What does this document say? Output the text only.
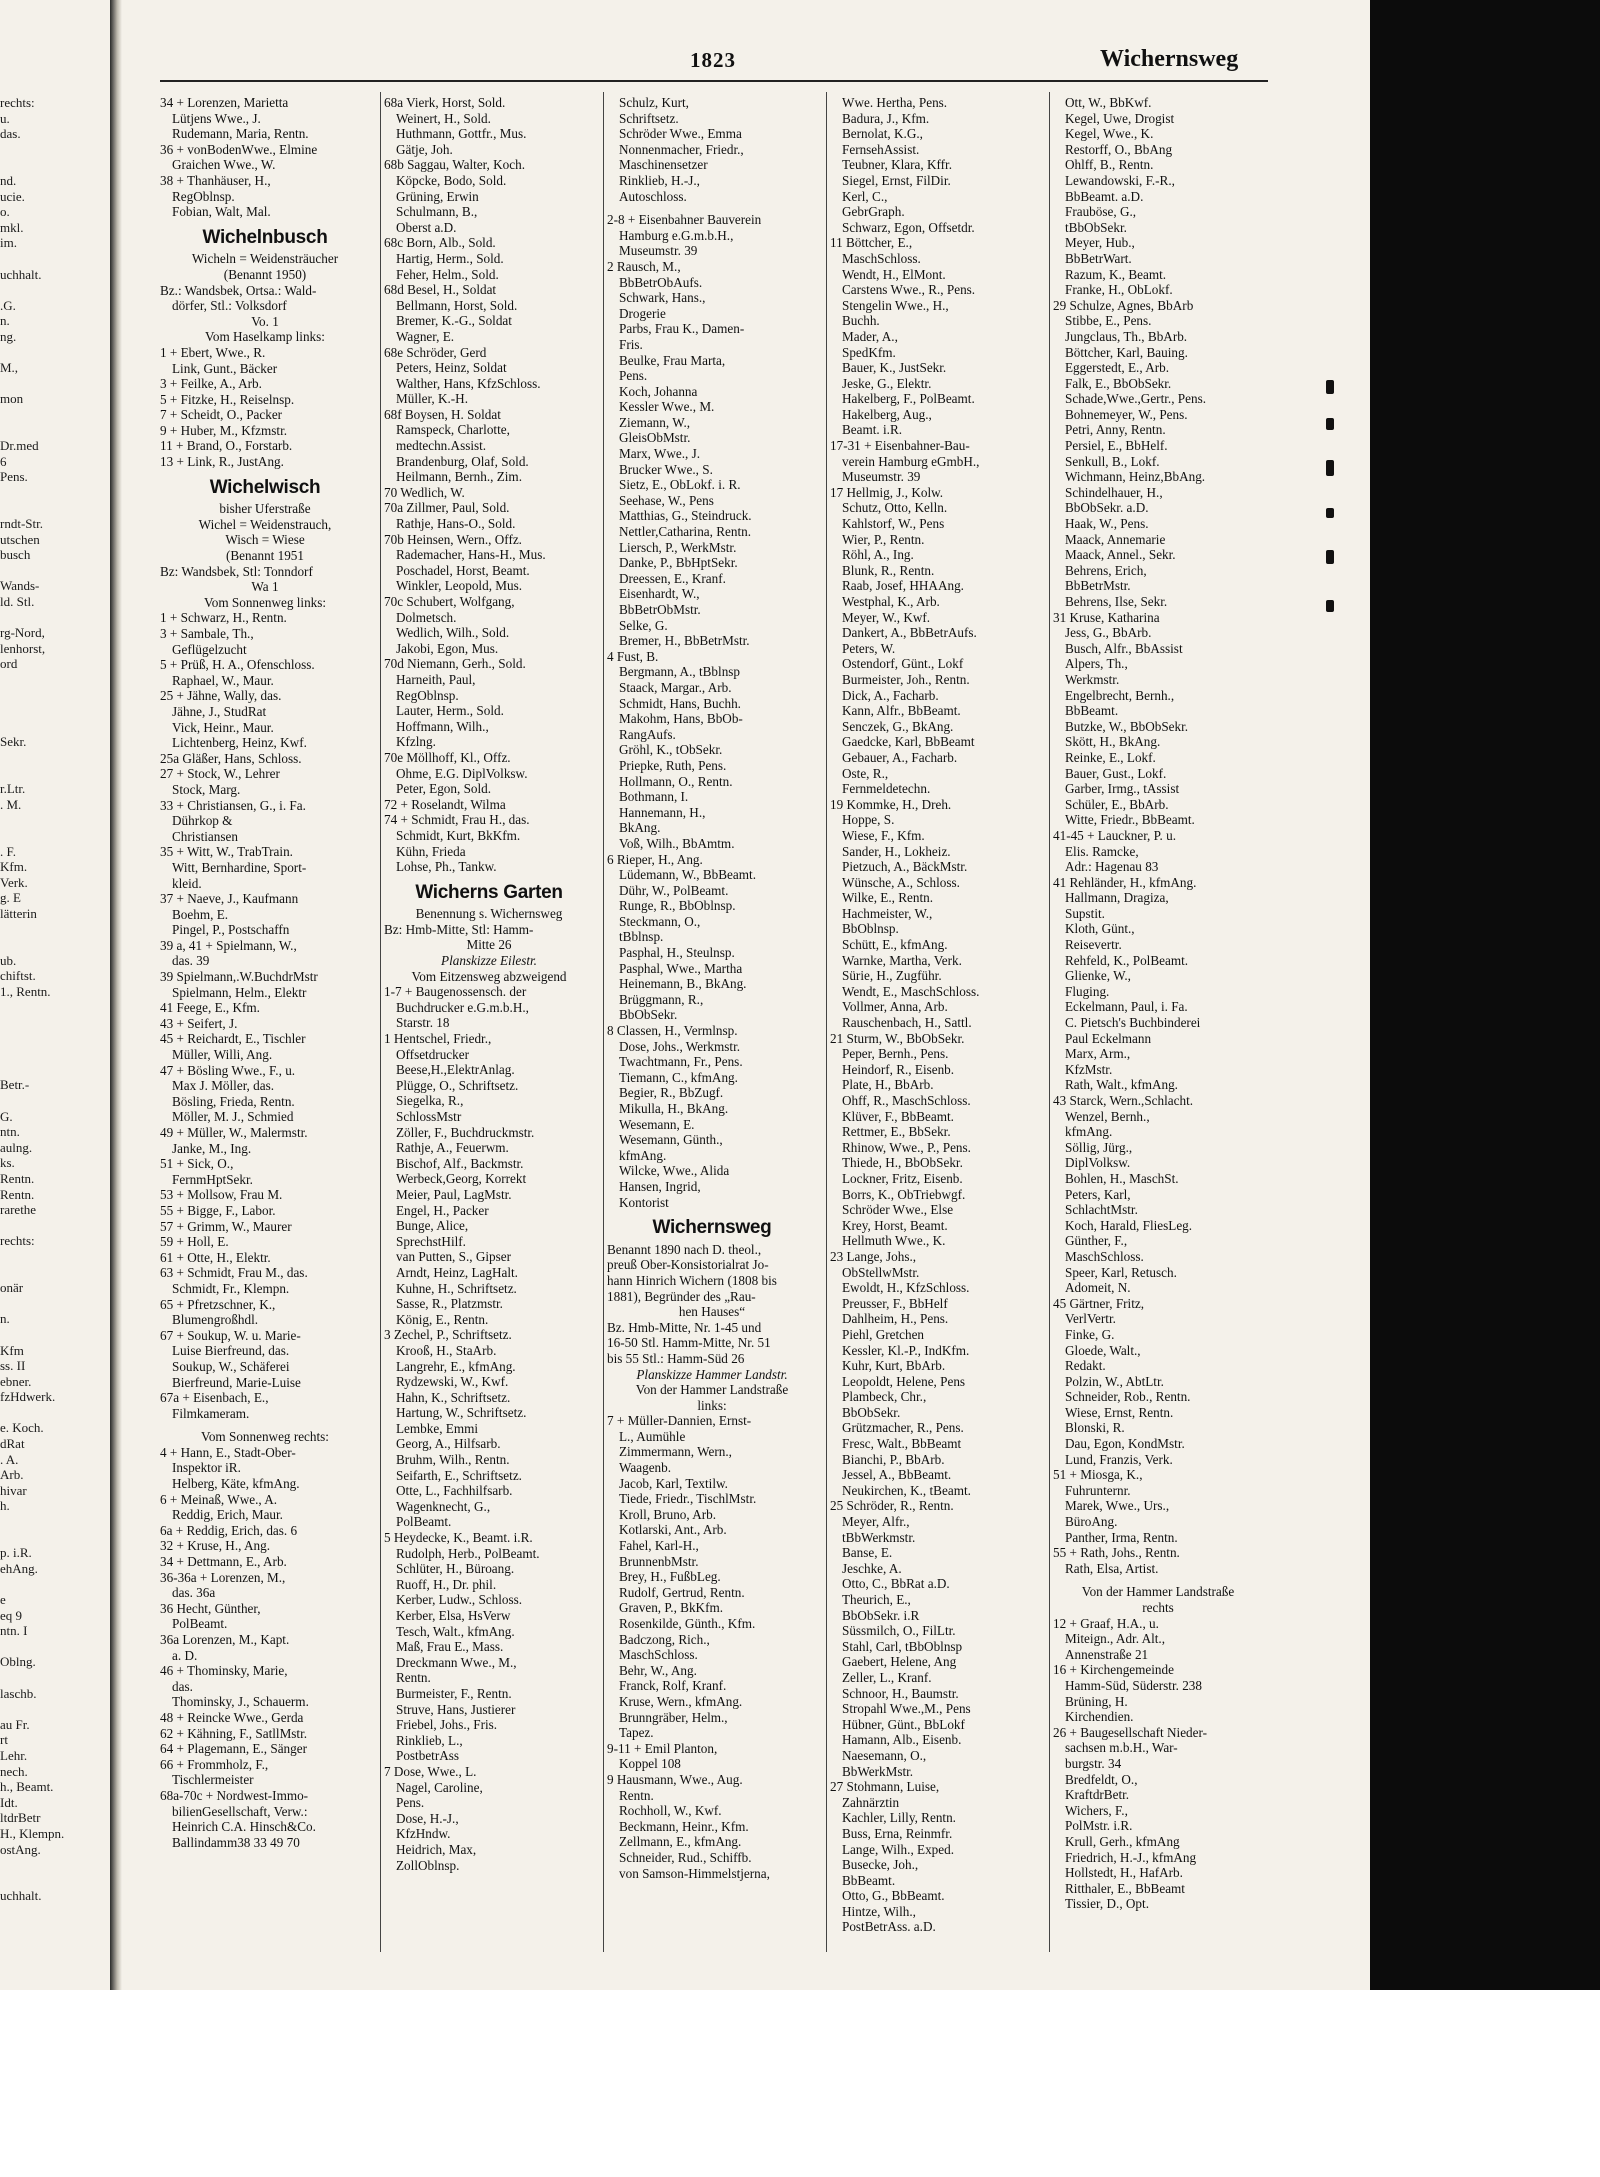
rechts:
u.
das.

nd.
ucie.
o.
mkl.
im.

uchhalt.

.G.
n.
ng.

M.,

mon

Dr.med
6
Pens.

rndt-Str.
utschen
busch

Wands-
ld. Stl.

rg-Nord,
lenhorst,
ord

Sekr.

r.Ltr.
. M.

. F.
Kfm.
Verk.
g. E
lätterin

ub.
chiftst.
1., Rentn.

Betr.-

G.
ntn.
aulng.
ks.
Rentn.
Rentn.
rarethe

rechts:

onär

n.

Kfm
ss. II
ebner.
fzHdwerk.

e. Koch.
dRat
. A.
Arb.
hivar
h.

p. i.R.
ehAng.

e
eq 9
ntn. I

Oblng.

laschb.

au Fr.
rt
Lehr.
nech.
h., Beamt.
Idt.
ltdrBetr
H., Klempn.
ostAng.

uchhalt.
1823	Wichernsweg
34 + Lorenzen, Marietta
Lütjens Wwe., J.
Rudemann, Maria, Rentn.
36 + vonBodenWwe., Elmine
Graichen Wwe., W.
38 + Thanhäuser, H.,
RegOblnsp.
Fobian, Walt, Mal.
Wichelnbusch
Wicheln = Weidensträucher
(Benannt 1950)
Bz.: Wandsbek, Ortsa.: Wald-
dörfer, Stl.: Volksdorf
Vo. 1
Vom Haselkamp links:
1 + Ebert, Wwe., R.
Link, Gunt., Bäcker
3 + Feilke, A., Arb.
5 + Fitzke, H., Reiselnsp.
7 + Scheidt, O., Packer
9 + Huber, M., Kfzmstr.
11 + Brand, O., Forstarb.
13 + Link, R., JustAng.
Wichelwisch
bisher Uferstraße
Wichel = Weidenstrauch,
Wisch = Wiese
(Benannt 1951
Bz: Wandsbek, Stl: Tonndorf
Wa 1
Vom Sonnenweg links:
1 + Schwarz, H., Rentn.
3 + Sambale, Th.,
Geflügelzucht
5 + Prüß, H. A., Ofenschloss.
Raphael, W., Maur.
25 + Jähne, Wally, das.
Jähne, J., StudRat
Vick, Heinr., Maur.
Lichtenberg, Heinz, Kwf.
25a Gläßer, Hans, Schloss.
27 + Stock, W., Lehrer
Stock, Marg.
33 + Christiansen, G., i. Fa.
Dührkop &
Christiansen
35 + Witt, W., TrabTrain.
Witt, Bernhardine, Sport-
kleid.
37 + Naeve, J., Kaufmann
Boehm, E.
Pingel, P., Postschaffn
39 a, 41 + Spielmann, W.,
das. 39
39 Spielmann,.W.BuchdrMstr
Spielmann, Helm., Elektr
41 Feege, E., Kfm.
43 + Seifert, J.
45 + Reichardt, E., Tischler
Müller, Willi, Ang.
47 + Bösling Wwe., F., u.
Max J. Möller, das.
Bösling, Frieda, Rentn.
Möller, M. J., Schmied
49 + Müller, W., Malermstr.
Janke, M., Ing.
51 + Sick, O.,
FernmHptSekr.
53 + Mollsow, Frau M.
55 + Bigge, F., Labor.
57 + Grimm, W., Maurer
59 + Holl, E.
61 + Otte, H., Elektr.
63 + Schmidt, Frau M., das.
Schmidt, Fr., Klempn.
65 + Pfretzschner, K.,
Blumengroßhdl.
67 + Soukup, W. u. Marie-
Luise Bierfreund, das.
Soukup, W., Schäferei
Bierfreund, Marie-Luise
67a + Eisenbach, E.,
Filmkameram.
Vom Sonnenweg rechts:
4 + Hann, E., Stadt-Ober-
Inspektor iR.
Helberg, Käte, kfmAng.
6 + Meinaß, Wwe., A.
Reddig, Erich, Maur.
6a + Reddig, Erich, das. 6
32 + Kruse, H., Ang.
34 + Dettmann, E., Arb.
36-36a + Lorenzen, M.,
das. 36a
36 Hecht, Günther,
PolBeamt.
36a Lorenzen, M., Kapt.
a. D.
46 + Thominsky, Marie,
das.
Thominsky, J., Schauerm.
48 + Reincke Wwe., Gerda
62 + Kähning, F., SatllMstr.
64 + Plagemann, E., Sänger
66 + Frommholz, F.,
Tischlermeister
68a-70c + Nordwest-Immo-
bilienGesellschaft, Verw.:
Heinrich C.A. Hinsch&Co.
Ballindamm38 33 49 70
68a Vierk, Horst, Sold.
Weinert, H., Sold.
Huthmann, Gottfr., Mus.
Gätje, Joh.
68b Saggau, Walter, Koch.
Köpcke, Bodo, Sold.
Grüning, Erwin
Schulmann, B.,
Oberst a.D.
68c Born, Alb., Sold.
Hartig, Herm., Sold.
Feher, Helm., Sold.
68d Besel, H., Soldat
Bellmann, Horst, Sold.
Bremer, K.-G., Soldat
Wagner, E.
68e Schröder, Gerd
Peters, Heinz, Soldat
Walther, Hans, KfzSchloss.
Müller, K.-H.
68f Boysen, H. Soldat
Ramspeck, Charlotte,
medtechn.Assist.
Brandenburg, Olaf, Sold.
Heilmann, Bernh., Zim.
70 Wedlich, W.
70a Zillmer, Paul, Sold.
Rathje, Hans-O., Sold.
70b Heinsen, Wern., Offz.
Rademacher, Hans-H., Mus.
Poschadel, Horst, Beamt.
Winkler, Leopold, Mus.
70c Schubert, Wolfgang,
Dolmetsch.
Wedlich, Wilh., Sold.
Jakobi, Egon, Mus.
70d Niemann, Gerh., Sold.
Harneith, Paul,
RegOblnsp.
Lauter, Herm., Sold.
Hoffmann, Wilh.,
Kfzlng.
70e Möllhoff, Kl., Offz.
Ohme, E.G. DiplVolksw.
Peter, Egon, Sold.
72 + Roselandt, Wilma
74 + Schmidt, Frau H., das.
Schmidt, Kurt, BkKfm.
Kühn, Frieda
Lohse, Ph., Tankw.
Wicherns Garten
Benennung s. Wichernsweg
Bz: Hmb-Mitte, Stl: Hamm-
Mitte 26
Planskizze Eilestr.
Vom Eitzensweg abzweigend
1-7 + Baugenossensch. der
Buchdrucker e.G.m.b.H.,
Starstr. 18
1 Hentschel, Friedr.,
Offsetdrucker
Beese,H.,ElektrAnlag.
Plügge, O., Schriftsetz.
Siegelka, R.,
SchlossMstr
Zöller, F., Buchdruckmstr.
Rathje, A., Feuerwm.
Bischof, Alf., Backmstr.
Werbeck,Georg, Korrekt
Meier, Paul, LagMstr.
Engel, H., Packer
Bunge, Alice,
SprechstHilf.
van Putten, S., Gipser
Arndt, Heinz, LagHalt.
Kuhne, H., Schriftsetz.
Sasse, R., Platzmstr.
König, E., Rentn.
3 Zechel, P., Schriftsetz.
Krooß, H., StaArb.
Langrehr, E., kfmAng.
Rydzewski, W., Kwf.
Hahn, K., Schriftsetz.
Hartung, W., Schriftsetz.
Lembke, Emmi
Georg, A., Hilfsarb.
Bruhm, Wilh., Rentn.
Seifarth, E., Schriftsetz.
Otte, L., Fachhilfsarb.
Wagenknecht, G.,
PolBeamt.
5 Heydecke, K., Beamt. i.R.
Rudolph, Herb., PolBeamt.
Schlüter, H., Büroang.
Ruoff, H., Dr. phil.
Kerber, Ludw., Schloss.
Kerber, Elsa, HsVerw
Tesch, Walt., kfmAng.
Maß, Frau E., Mass.
Dreckmann Wwe., M.,
Rentn.
Burmeister, F., Rentn.
Struve, Hans, Justierer
Friebel, Johs., Fris.
Rinklieb, L.,
PostbetrAss
7 Dose, Wwe., L.
Nagel, Caroline,
Pens.
Dose, H.-J.,
KfzHndw.
Heidrich, Max,
ZollOblnsp.
Schulz, Kurt,
Schriftsetz.
Schröder Wwe., Emma
Nonnenmacher, Friedr.,
Maschinensetzer
Rinklieb, H.-J.,
Autoschloss.
2-8 + Eisenbahner Bauverein
Hamburg e.G.m.b.H.,
Museumstr. 39
2 Rausch, M.,
BbBetrObAufs.
Schwark, Hans.,
Drogerie
Parbs, Frau K., Damen-
Fris.
Beulke, Frau Marta,
Pens.
Koch, Johanna
Kessler Wwe., M.
Ziemann, W.,
GleisObMstr.
Marx, Wwe., J.
Brucker Wwe., S.
Sietz, E., ObLokf. i. R.
Seehase, W., Pens
Matthias, G., Steindruck.
Nettler,Catharina, Rentn.
Liersch, P., WerkMstr.
Danke, P., BbHptSekr.
Dreessen, E., Kranf.
Eisenhardt, W.,
BbBetrObMstr.
Selke, G.
Bremer, H., BbBetrMstr.
4 Fust, B.
Bergmann, A., tBblnsp
Staack, Margar., Arb.
Schmidt, Hans, Buchh.
Makohm, Hans, BbOb-
RangAufs.
Gröhl, K., tObSekr.
Priepke, Ruth, Pens.
Hollmann, O., Rentn.
Bothmann, I.
Hannemann, H.,
BkAng.
Voß, Wilh., BbAmtm.
6 Rieper, H., Ang.
Lüdemann, W., BbBeamt.
Dühr, W., PolBeamt.
Runge, R., BbOblnsp.
Steckmann, O.,
tBblnsp.
Pasphal, H., Steulnsp.
Pasphal, Wwe., Martha
Heinemann, B., BkAng.
Brüggmann, R.,
BbObSekr.
8 Classen, H., Vermlnsp.
Dose, Johs., Werkmstr.
Twachtmann, Fr., Pens.
Tiemann, C., kfmAng.
Begier, R., BbZugf.
Mikulla, H., BkAng.
Wesemann, E.
Wesemann, Günth.,
kfmAng.
Wilcke, Wwe., Alida
Hansen, Ingrid,
Kontorist
Wichernsweg
Benannt 1890 nach D. theol.,
preuß Ober-Konsistorialrat Jo-
hann Hinrich Wichern (1808 bis
1881), Begründer des „Rau-
hen Hauses“
Bz. Hmb-Mitte, Nr. 1-45 und
16-50 Stl. Hamm-Mitte, Nr. 51
bis 55 Stl.: Hamm-Süd 26
Planskizze Hammer Landstr.
Von der Hammer Landstraße
links:
7 + Müller-Dannien, Ernst-
L., Aumühle
Zimmermann, Wern.,
Waagenb.
Jacob, Karl, Textilw.
Tiede, Friedr., TischlMstr.
Kroll, Bruno, Arb.
Kotlarski, Ant., Arb.
Fahel, Karl-H.,
BrunnenbMstr.
Brey, H., FußbLeg.
Rudolf, Gertrud, Rentn.
Graven, P., BkKfm.
Rosenkilde, Günth., Kfm.
Badczong, Rich.,
MaschSchloss.
Behr, W., Ang.
Franck, Rolf, Kranf.
Kruse, Wern., kfmAng.
Brunngräber, Helm.,
Tapez.
9-11 + Emil Planton,
Koppel 108
9 Hausmann, Wwe., Aug.
Rentn.
Rochholl, W., Kwf.
Beckmann, Heinr., Kfm.
Zellmann, E., kfmAng.
Schneider, Rud., Schiffb.
von Samson-Himmelstjerna,
Wwe. Hertha, Pens.
Badura, J., Kfm.
Bernolat, K.G.,
FernsehAssist.
Teubner, Klara, Kffr.
Siegel, Ernst, FilDir.
Kerl, C.,
GebrGraph.
Schwarz, Egon, Offsetdr.
11 Böttcher, E.,
MaschSchloss.
Wendt, H., ElMont.
Carstens Wwe., R., Pens.
Stengelin Wwe., H.,
Buchh.
Mader, A.,
SpedKfm.
Bauer, K., JustSekr.
Jeske, G., Elektr.
Hakelberg, F., PolBeamt.
Hakelberg, Aug.,
Beamt. i.R.
17-31 + Eisenbahner-Bau-
verein Hamburg eGmbH.,
Museumstr. 39
17 Hellmig, J., Kolw.
Schutz, Otto, Kelln.
Kahlstorf, W., Pens
Wier, P., Rentn.
Röhl, A., Ing.
Blunk, R., Rentn.
Raab, Josef, HHAAng.
Westphal, K., Arb.
Meyer, W., Kwf.
Dankert, A., BbBetrAufs.
Peters, W.
Ostendorf, Günt., Lokf
Burmeister, Joh., Rentn.
Dick, A., Facharb.
Kann, Alfr., BbBeamt.
Senczek, G., BkAng.
Gaedcke, Karl, BbBeamt
Gebauer, A., Facharb.
Oste, R.,
Fernmeldetechn.
19 Kommke, H., Dreh.
Hoppe, S.
Wiese, F., Kfm.
Sander, H., Lokheiz.
Pietzuch, A., BäckMstr.
Wünsche, A., Schloss.
Wilke, E., Rentn.
Hachmeister, W.,
BbOblnsp.
Schütt, E., kfmAng.
Warnke, Martha, Verk.
Sürie, H., Zugführ.
Wendt, E., MaschSchloss.
Vollmer, Anna, Arb.
Rauschenbach, H., Sattl.
21 Sturm, W., BbObSekr.
Peper, Bernh., Pens.
Heindorf, R., Eisenb.
Plate, H., BbArb.
Ohff, R., MaschSchloss.
Klüver, F., BbBeamt.
Rettmer, E., BbSekr.
Rhinow, Wwe., P., Pens.
Thiede, H., BbObSekr.
Lockner, Fritz, Eisenb.
Borrs, K., ObTriebwgf.
Schröder Wwe., Else
Krey, Horst, Beamt.
Hellmuth Wwe., K.
23 Lange, Johs.,
ObStellwMstr.
Ewoldt, H., KfzSchloss.
Preusser, F., BbHelf
Dahlheim, H., Pens.
Piehl, Gretchen
Kessler, Kl.-P., IndKfm.
Kuhr, Kurt, BbArb.
Leopoldt, Helene, Pens
Plambeck, Chr.,
BbObSekr.
Grützmacher, R., Pens.
Fresc, Walt., BbBeamt
Bianchi, P., BbArb.
Jessel, A., BbBeamt.
Neukirchen, K., tBeamt.
25 Schröder, R., Rentn.
Meyer, Alfr.,
tBbWerkmstr.
Banse, E.
Jeschke, A.
Otto, C., BbRat a.D.
Theurich, E.,
BbObSekr. i.R
Süssmilch, O., FilLtr.
Stahl, Carl, tBbOblnsp
Gaebert, Helene, Ang
Zeller, L., Kranf.
Schnoor, H., Baumstr.
Stropahl Wwe.,M., Pens
Hübner, Günt., BbLokf
Hamann, Alb., Eisenb.
Naesemann, O.,
BbWerkMstr.
27 Stohmann, Luise,
Zahnärztin
Kachler, Lilly, Rentn.
Buss, Erna, Reinmfr.
Lange, Wilh., Exped.
Busecke, Joh.,
BbBeamt.
Otto, G., BbBeamt.
Hintze, Wilh.,
PostBetrAss. a.D.
Ott, W., BbKwf.
Kegel, Uwe, Drogist
Kegel, Wwe., K.
Restorff, O., BbAng
Ohlff, B., Rentn.
Lewandowski, F.-R.,
BbBeamt. a.D.
Frauböse, G.,
tBbObSekr.
Meyer, Hub.,
BbBetrWart.
Razum, K., Beamt.
Franke, H., ObLokf.
29 Schulze, Agnes, BbArb
Stibbe, E., Pens.
Jungclaus, Th., BbArb.
Böttcher, Karl, Bauing.
Eggerstedt, E., Arb.
Falk, E., BbObSekr.
Schade,Wwe.,Gertr., Pens.
Bohnemeyer, W., Pens.
Petri, Anny, Rentn.
Persiel, E., BbHelf.
Senkull, B., Lokf.
Wichmann, Heinz,BbAng.
Schindelhauer, H.,
BbObSekr. a.D.
Haak, W., Pens.
Maack, Annemarie
Maack, Annel., Sekr.
Behrens, Erich,
BbBetrMstr.
Behrens, Ilse, Sekr.
31 Kruse, Katharina
Jess, G., BbArb.
Busch, Alfr., BbAssist
Alpers, Th.,
Werkmstr.
Engelbrecht, Bernh.,
BbBeamt.
Butzke, W., BbObSekr.
Skött, H., BkAng.
Reinke, E., Lokf.
Bauer, Gust., Lokf.
Garber, Irmg., tAssist
Schüler, E., BbArb.
Witte, Friedr., BbBeamt.
41-45 + Lauckner, P. u.
Elis. Ramcke,
Adr.: Hagenau 83
41 Rehländer, H., kfmAng.
Hallmann, Dragiza,
Supstit.
Kloth, Günt.,
Reisevertr.
Rehfeld, K., PolBeamt.
Glienke, W.,
Fluging.
Eckelmann, Paul, i. Fa.
C. Pietsch's Buchbinderei
Paul Eckelmann
Marx, Arm.,
KfzMstr.
Rath, Walt., kfmAng.
43 Starck, Wern.,Schlacht.
Wenzel, Bernh.,
kfmAng.
Söllig, Jürg.,
DiplVolksw.
Bohlen, H., MaschSt.
Peters, Karl,
SchlachtMstr.
Koch, Harald, FliesLeg.
Günther, F.,
MaschSchloss.
Speer, Karl, Retusch.
Adomeit, N.
45 Gärtner, Fritz,
VerlVertr.
Finke, G.
Gloede, Walt.,
Redakt.
Polzin, W., AbtLtr.
Schneider, Rob., Rentn.
Wiese, Ernst, Rentn.
Blonski, R.
Dau, Egon, KondMstr.
Lund, Franzis, Verk.
51 + Miosga, K.,
Fuhrunternr.
Marek, Wwe., Urs.,
BüroAng.
Panther, Irma, Rentn.
55 + Rath, Johs., Rentn.
Rath, Elsa, Artist.
Von der Hammer Landstraße
rechts
12 + Graaf, H.A., u.
Miteign., Adr. Alt.,
Annenstraße 21
16 + Kirchengemeinde
Hamm-Süd, Süderstr. 238
Brüning, H.
Kirchendien.
26 + Baugesellschaft Nieder-
sachsen m.b.H., War-
burgstr. 34
Bredfeldt, O.,
KraftdrBetr.
Wichers, F.,
PolMstr. i.R.
Krull, Gerh., kfmAng
Friedrich, H.-J., kfmAng
Hollstedt, H., HafArb.
Ritthaler, E., BbBeamt
Tissier, D., Opt.
